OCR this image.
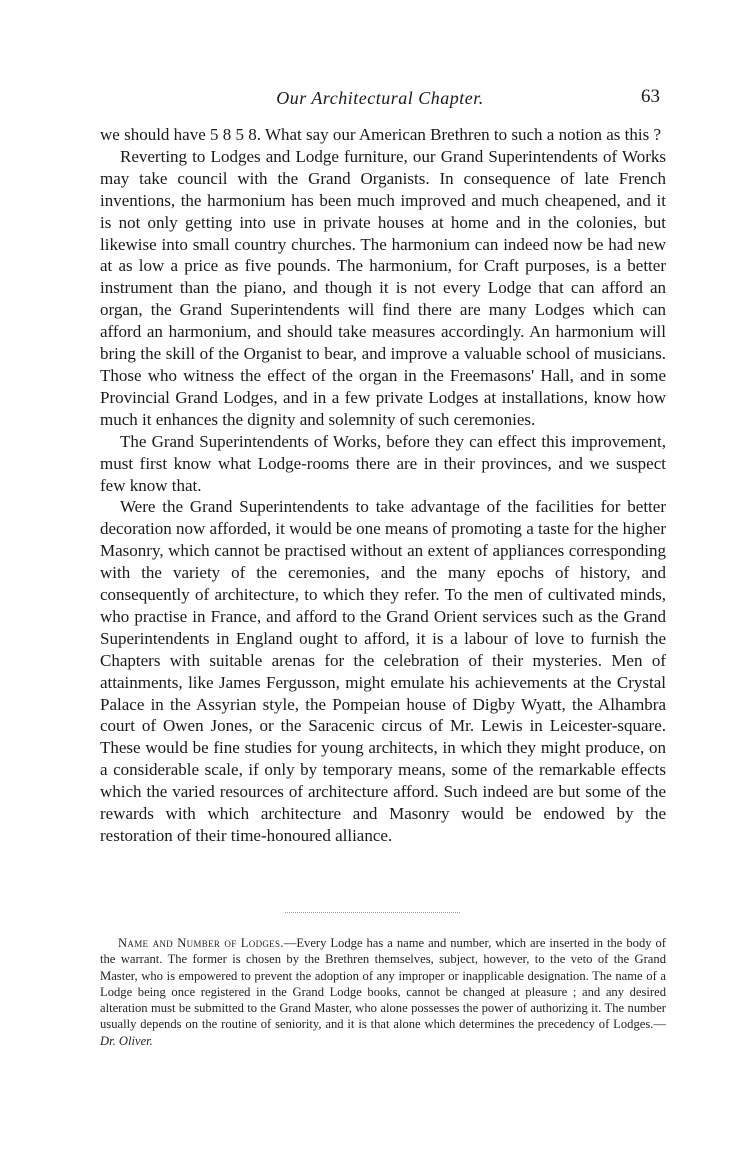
Our Architectural Chapter.	63

we should have 5 8 5 8. What say our American Brethren to such a notion as this ?

Reverting to Lodges and Lodge furniture, our Grand Superintendents of Works may take council with the Grand Organists. In consequence of late French inventions, the harmonium has been much improved and much cheapened, and it is not only getting into use in private houses at home and in the colonies, but likewise into small country churches. The harmonium can indeed now be had new at as low a price as five pounds. The harmonium, for Craft purposes, is a better instrument than the piano, and though it is not every Lodge that can afford an organ, the Grand Superintendents will find there are many Lodges which can afford an harmonium, and should take measures accordingly. An harmonium will bring the skill of the Organist to bear, and improve a valuable school of musicians. Those who witness the effect of the organ in the Freemasons' Hall, and in some Provincial Grand Lodges, and in a few private Lodges at installations, know how much it enhances the dignity and solemnity of such ceremonies.

The Grand Superintendents of Works, before they can effect this improvement, must first know what Lodge-rooms there are in their provinces, and we suspect few know that.

Were the Grand Superintendents to take advantage of the facilities for better decoration now afforded, it would be one means of promoting a taste for the higher Masonry, which cannot be practised without an extent of appliances corresponding with the variety of the ceremonies, and the many epochs of history, and consequently of architecture, to which they refer. To the men of cultivated minds, who practise in France, and afford to the Grand Orient services such as the Grand Superintendents in England ought to afford, it is a labour of love to furnish the Chapters with suitable arenas for the celebration of their mysteries. Men of attainments, like James Fergusson, might emulate his achievements at the Crystal Palace in the Assyrian style, the Pompeian house of Digby Wyatt, the Alhambra court of Owen Jones, or the Saracenic circus of Mr. Lewis in Leicester-square. These would be fine studies for young architects, in which they might produce, on a considerable scale, if only by temporary means, some of the remarkable effects which the varied resources of architecture afford. Such indeed are but some of the rewards with which architecture and Masonry would be endowed by the restoration of their time-honoured alliance.

Name and Number of Lodges.—Every Lodge has a name and number, which are inserted in the body of the warrant. The former is chosen by the Brethren themselves, subject, however, to the veto of the Grand Master, who is empowered to prevent the adoption of any improper or inapplicable designation. The name of a Lodge being once registered in the Grand Lodge books, cannot be changed at pleasure ; and any desired alteration must be submitted to the Grand Master, who alone possesses the power of authorizing it. The number usually depends on the routine of seniority, and it is that alone which determines the precedency of Lodges.—Dr. Oliver.
